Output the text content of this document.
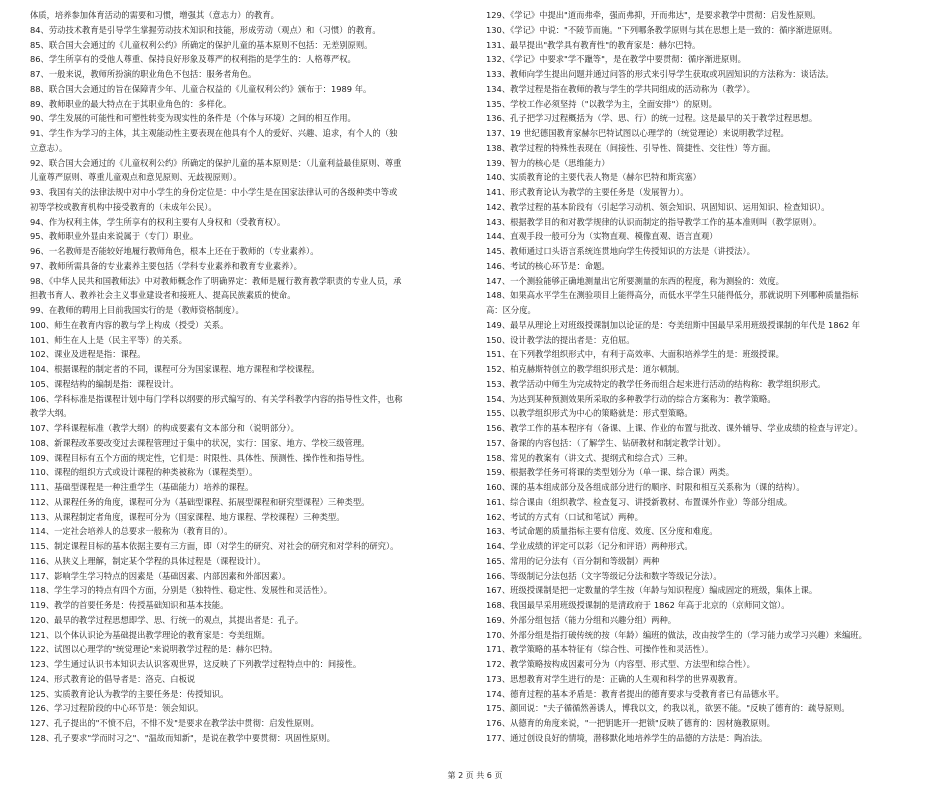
体质，培养参加体育活动的需要和习惯，增强其（意志力）的教育。
84、劳动技术教育是引导学生掌握劳动技术知识和技能，形成劳动（观点）和（习惯）的教育。
85、联合国大会通过的《儿童权利公约》所确定的保护儿童的基本原则不包括：无差别原则。
86、学生所享有的受他人尊重、保持良好形象及尊严的权利指的是学生的：人格尊严权。
87、一般来说，教师所扮演的职业角色不包括：服务者角色。
88、联合国大会通过的旨在保障青少年、儿童合权益的《儿童权利公约》颁布于：1989 年。
89、教师职业的最大特点在于其职业角色的：多样化。
90、学生发展的可能性和可塑性转变为现实性的条件是（个体与环境）之间的相互作用。
91、学生作为学习的主体，其主观能动性主要表现在他具有个人的爱好、兴趣、追求，有个人的（独
立意志）。
92、联合国大会通过的《儿童权利公约》所确定的保护儿童的基本原则是：（儿童利益最佳原则、尊重
儿童尊严原则、尊重儿童观点和意见原则、无歧视原则）。
93、我国有关的法律法规中对中小学生的身份定位是：中小学生是在国家法律认可的各级种类中等或
初等学校或教育机构中接受教育的（未成年公民）。
94、作为权利主体，学生所享有的权利主要有人身权和（受教育权）。
95、教师职业外显由来说属于（专门）职业。
96、一名教师是否能较好地履行教师角色，根本上还在于教师的（专业素养）。
97、教师所需具备的专业素养主要包括（学科专业素养和教育专业素养）。
98、《中华人民共和国教师法》中对教师概念作了明确界定：教师是履行教育教学职责的专业人员，承
担教书育人、教养社会主义事业建设者和接班人、提高民族素质的使命。
99、在教师的聘用上目前我国实行的是（教师资格制度）。
100、师生在教育内容的教与学上构成（授受）关系。
101、师生在人上是（民主平等）的关系。
102、课业及进程是指：课程。
104、根据课程的制定者的不同，课程可分为国家课程、地方课程和学校课程。
105、课程结构的编制是指：课程设计。
106、学科标准是指课程计划中每门学科以纲要的形式编写的、有关学科教学内容的指导性文件，也称
教学大纲。
107、学科课程标准（教学大纲）的构成要素有文本部分和（说明部分）。
108、新课程改革要改变过去课程管理过于集中的状况，实行：国家、地方、学校三级管理。
109、课程目标有五个方面的规定性，它们是：时限性、具体性、预测性、操作性和指导性。
110、课程的组织方式或设计课程的种类被称为（课程类型）。
111、基础型课程是一种注重学生（基础能力）培养的课程。
112、从课程任务的角度，课程可分为（基础型课程、拓展型课程和研究型课程）三种类型。
113、从课程制定者角度，课程可分为（国家课程、地方课程、学校课程）三种类型。
114、一定社会培养人的总要求一般称为（教育目的）。
115、制定课程目标的基本依据主要有三方面，即（对学生的研究、对社会的研究和对学科的研究）。
116、从狭义上理解，制定某个学程的具体过程是（课程设计）。
117、影响学生学习特点的因素是（基础因素、内部因素和外部因素）。
118、学生学习的特点有四个方面，分别是（独特性、稳定性、发展性和灵活性）。
119、教学的首要任务是：传授基础知识和基本技能。
120、最早的教学过程思想即学、思、行统一的观点，其提出者是：孔子。
121、以个体认识论为基础提出教学理论的教育家是：夸美纽斯。
122、试图以心理学的"统觉理论"来说明教学过程的是：赫尔巴特。
123、学生通过认识书本知识去认识客观世界，这反映了下列教学过程特点中的：间接性。
124、形式教育论的倡导者是：洛克、白板说
125、实质教育论认为教学的主要任务是：传授知识。
126、学习过程阶段的中心环节是：领会知识。
127、孔子提出的"不愤不启，不悱不发"是要求在教学法中贯彻：启发性原则。
128、孔子要求"学而时习之"、"温故而知新"，是说在教学中要贯彻：巩固性原则。
129、《学记》中提出"道而弗牵，强而弗抑，开而弗达"，是要求教学中贯彻：启发性原则。
130、《学记》中说："不陵节而施。"下列哪条教学原则与其在思想上是一致的：循序渐进原则。
131、最早提出"教学具有教育性"的教育家是：赫尔巴特。
132、《学记》中要求"学不躐等"，是在教学中要贯彻：循序渐进原则。
133、教师向学生提出问题并通过问答的形式来引导学生获取或巩固知识的方法称为：谈话法。
134、教学过程是指在教师的教与学生的学共同组成的活动称为（教学）。
135、学校工作必须坚持（"以教学为主，全面安排"）的原则。
136、孔子把学习过程概括为（学、思、行）的统一过程。这是最早的关于教学过程思想。
137、19 世纪德国教育家赫尔巴特试图以心理学的（统觉理论）来说明教学过程。
138、教学过程的特殊性表现在（间接性、引导性、简捷性、交往性）等方面。
139、智力的核心是（思维能力）
140、实质教育论的主要代表人物是（赫尔巴特和斯宾塞）
141、形式教育论认为教学的主要任务是（发展智力）。
142、教学过程的基本阶段有（引起学习动机、领会知识、巩固知识、运用知识、检查知识）。
143、根据教学目的和对教学规律的认识而制定的指导教学工作的基本准则叫（教学原则）。
144、直观手段一般可分为（实物直观、模像直观、语言直观）
145、教师通过口头语言系统连贯地向学生传授知识的方法是（讲授法）。
146、考试的核心环节是：命题。
147、一个测验能够正确地测量出它所要测量的东西的程度，称为测验的：效度。
148、如果高水平学生在测验项目上能得高分，而低水平学生只能得低分，那就说明下列哪种质量指标
高：区分度。
149、最早从理论上对班级授课制加以论证的是：夸美纽斯中国最早采用班级授课制的年代是 1862 年
150、设计教学法的提出者是：克伯屈。
151、在下列教学组织形式中，有利于高效率、大面积培养学生的是：班级授课。
152、柏克赫斯特创立的教学组织形式是：道尔顿制。
153、教学活动中师生为完成特定的教学任务而组合起来进行活动的结构称：教学组织形式。
154、为达到某种预测效果所采取的多种教学行动的综合方案称为：教学策略。
155、以教学组织形式为中心的策略就是：形式型策略。
156、教学工作的基本程序有（备课、上课、作业的布置与批改、课外辅导、学业成绩的检查与评定）。
157、备课的内容包括：（了解学生、钻研教材和制定教学计划）。
158、常见的教案有（讲文式、提纲式和综合式）三种。
159、根据教学任务可将课的类型划分为（单一课、综合课）两类。
160、课的基本组成部分及各组成部分进行的顺序、时限和相互关系称为（课的结构）。
161、综合课由（组织教学、检查复习、讲授新教材、布置课外作业）等部分组成。
162、考试的方式有（口试和笔试）两种。
163、考试命题的质量指标主要有信度、效度、区分度和难度。
164、学业成绩的评定可以彩（记分和评语）两种形式。
165、常用的记分法有（百分制和等级制）两种
166、等级制记分法包括（文字等级记分法和数字等级记分法）。
167、班级授课制是把一定数量的学生按（年龄与知识程度）编成固定的班级，集体上课。
168、我国最早采用班级授课制的是清政府于 1862 年高于北京的（京师同文馆）。
169、外部分组包括（能力分组和兴趣分组）两种。
170、外部分组是指打破传统的按（年龄）编班的做法，改由按学生的（学习能力或学习兴趣）来编班。
171、教学策略的基本特征有（综合性、可操作性和灵活性）。
172、教学策略按构成因素可分为（内容型、形式型、方法型和综合性）。
173、思想教育对学生进行的是：正确的人生观和科学的世界观教育。
174、德育过程的基本矛盾是：教育者提出的德育要求与受教育者已有品德水平。
175、颜回说："夫子循循然善诱人，博我以文，约我以礼，欲罢不能。"反映了德育的：疏导原则。
176、从德育的角度来说，"一把钥匙开一把锁"反映了德育的：因材施教原则。
177、通过创设良好的情境，潜移默化地培养学生的品德的方法是：陶冶法。
第 2 页 共 6 页
